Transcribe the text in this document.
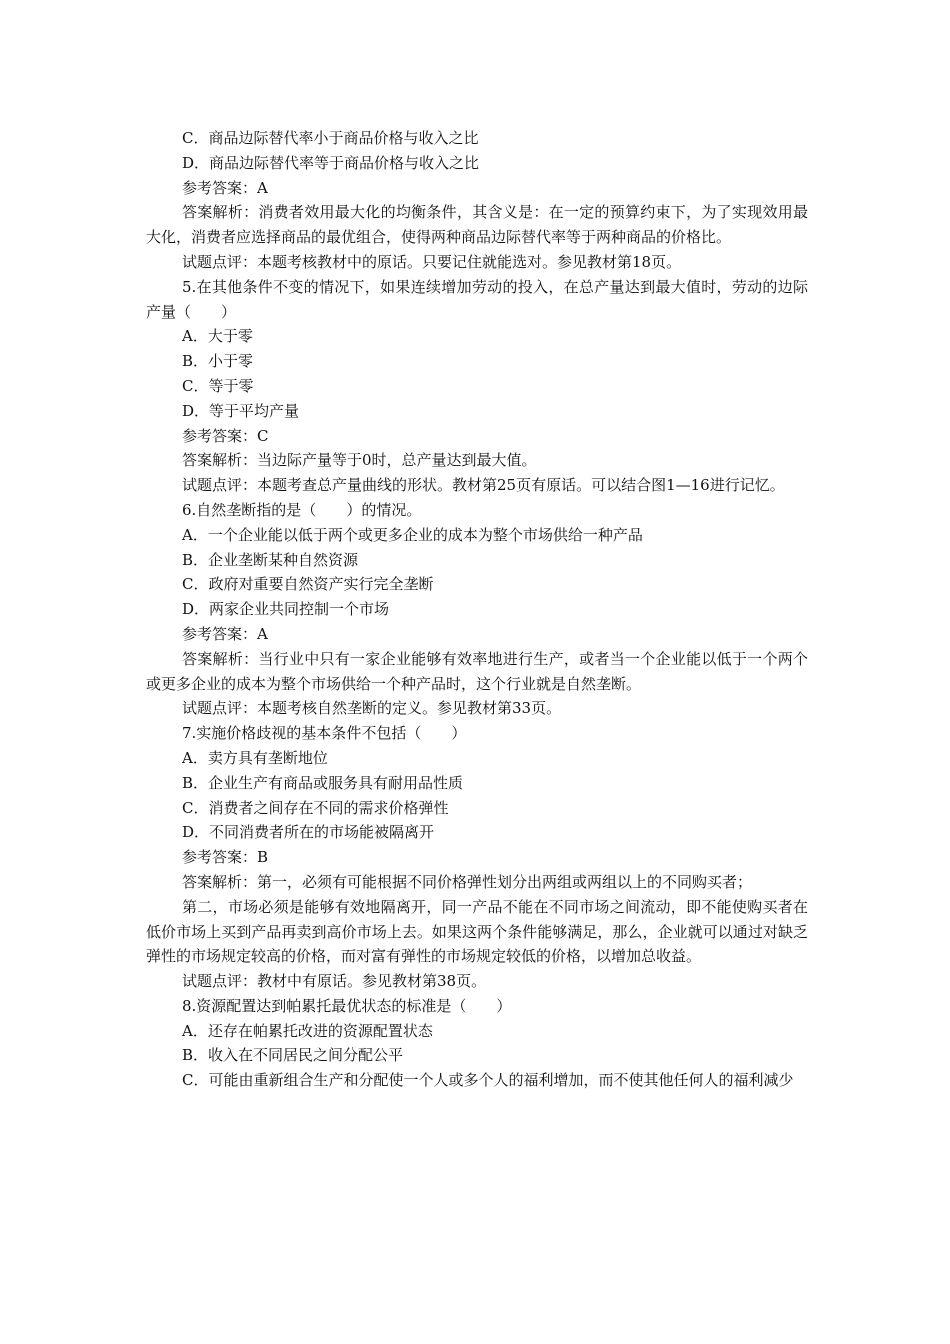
C．商品边际替代率小于商品价格与收入之比

D．商品边际替代率等于商品价格与收入之比

参考答案：A

答案解析：消费者效用最大化的均衡条件，其含义是：在一定的预算约束下，为了实现效用最大化，消费者应选择商品的最优组合，使得两种商品边际替代率等于两种商品的价格比。

试题点评：本题考核教材中的原话。只要记住就能选对。参见教材第18页。

5.在其他条件不变的情况下，如果连续增加劳动的投入，在总产量达到最大值时，劳动的边际产量（　　）

A．大于零

B．小于零

C．等于零

D．等于平均产量

参考答案：C

答案解析：当边际产量等于0时，总产量达到最大值。

试题点评：本题考查总产量曲线的形状。教材第25页有原话。可以结合图1—16进行记忆。

6.自然垄断指的是（　　）的情况。

A．一个企业能以低于两个或更多企业的成本为整个市场供给一种产品

B．企业垄断某种自然资源

C．政府对重要自然资产实行完全垄断

D．两家企业共同控制一个市场

参考答案：A

答案解析：当行业中只有一家企业能够有效率地进行生产，或者当一个企业能以低于一个两个或更多企业的成本为整个市场供给一个种产品时，这个行业就是自然垄断。

试题点评：本题考核自然垄断的定义。参见教材第33页。

7.实施价格歧视的基本条件不包括（　　）

A．卖方具有垄断地位

B．企业生产有商品或服务具有耐用品性质

C．消费者之间存在不同的需求价格弹性

D．不同消费者所在的市场能被隔离开

参考答案：B

答案解析：第一，必须有可能根据不同价格弹性划分出两组或两组以上的不同购买者；

第二，市场必须是能够有效地隔离开，同一产品不能在不同市场之间流动，即不能使购买者在低价市场上买到产品再卖到高价市场上去。如果这两个条件能够满足，那么，企业就可以通过对缺乏弹性的市场规定较高的价格，而对富有弹性的市场规定较低的价格，以增加总收益。

试题点评：教材中有原话。参见教材第38页。

8.资源配置达到帕累托最优状态的标准是（　　）

A．还存在帕累托改进的资源配置状态

B．收入在不同居民之间分配公平

C．可能由重新组合生产和分配使一个人或多个人的福利增加，而不使其他任何人的福利减少
